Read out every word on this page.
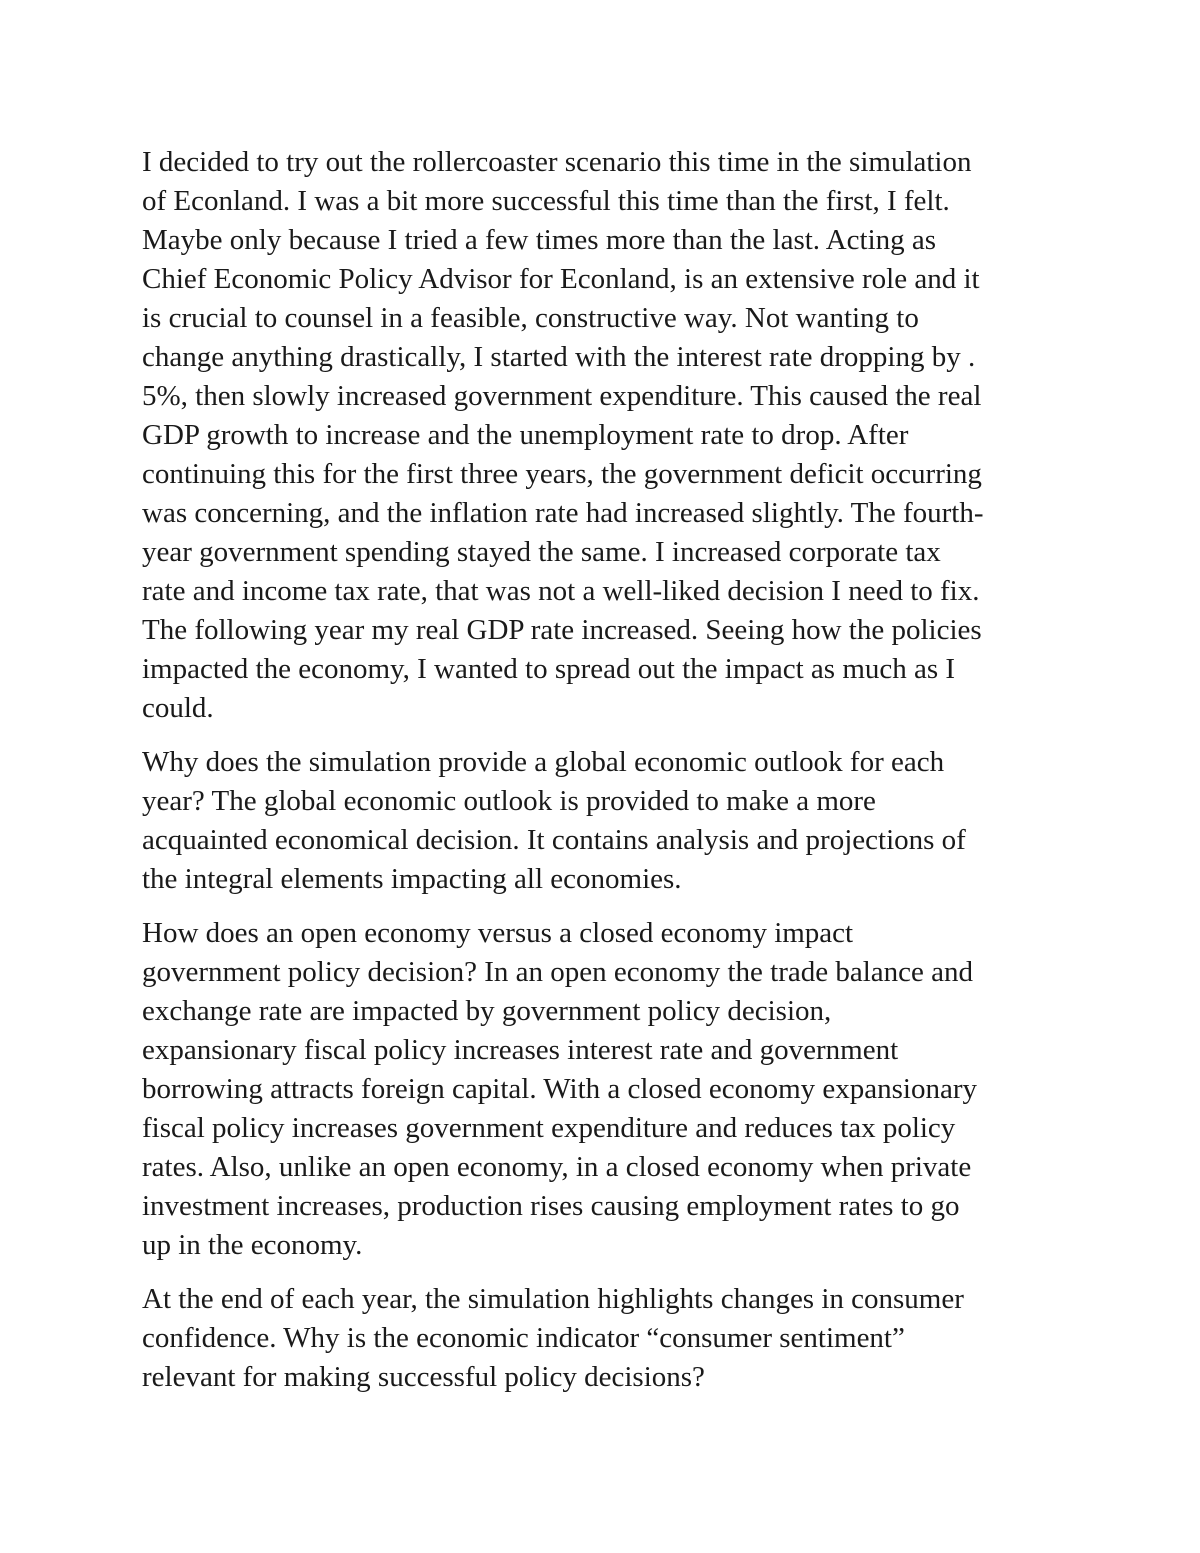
I decided to try out the rollercoaster scenario this time in the simulation
of Econland. I was a bit more successful this time than the first, I felt.
Maybe only because I tried a few times more than the last. Acting as
Chief Economic Policy Advisor for Econland, is an extensive role and it
is crucial to counsel in a feasible, constructive way. Not wanting to
change anything drastically, I started with the interest rate dropping by .
5%, then slowly increased government expenditure. This caused the real
GDP growth to increase and the unemployment rate to drop. After
continuing this for the first three years, the government deficit occurring
was concerning, and the inflation rate had increased slightly. The fourth-
year government spending stayed the same. I increased corporate tax
rate and income tax rate, that was not a well-liked decision I need to fix.
The following year my real GDP rate increased. Seeing how the policies
impacted the economy, I wanted to spread out the impact as much as I
could.

Why does the simulation provide a global economic outlook for each
year? The global economic outlook is provided to make a more
acquainted economical decision. It contains analysis and projections of
the integral elements impacting all economies.

How does an open economy versus a closed economy impact
government policy decision? In an open economy the trade balance and
exchange rate are impacted by government policy decision,
expansionary fiscal policy increases interest rate and government
borrowing attracts foreign capital. With a closed economy expansionary
fiscal policy increases government expenditure and reduces tax policy
rates. Also, unlike an open economy, in a closed economy when private
investment increases, production rises causing employment rates to go
up in the economy.

At the end of each year, the simulation highlights changes in consumer
confidence. Why is the economic indicator “consumer sentiment”
relevant for making successful policy decisions?
